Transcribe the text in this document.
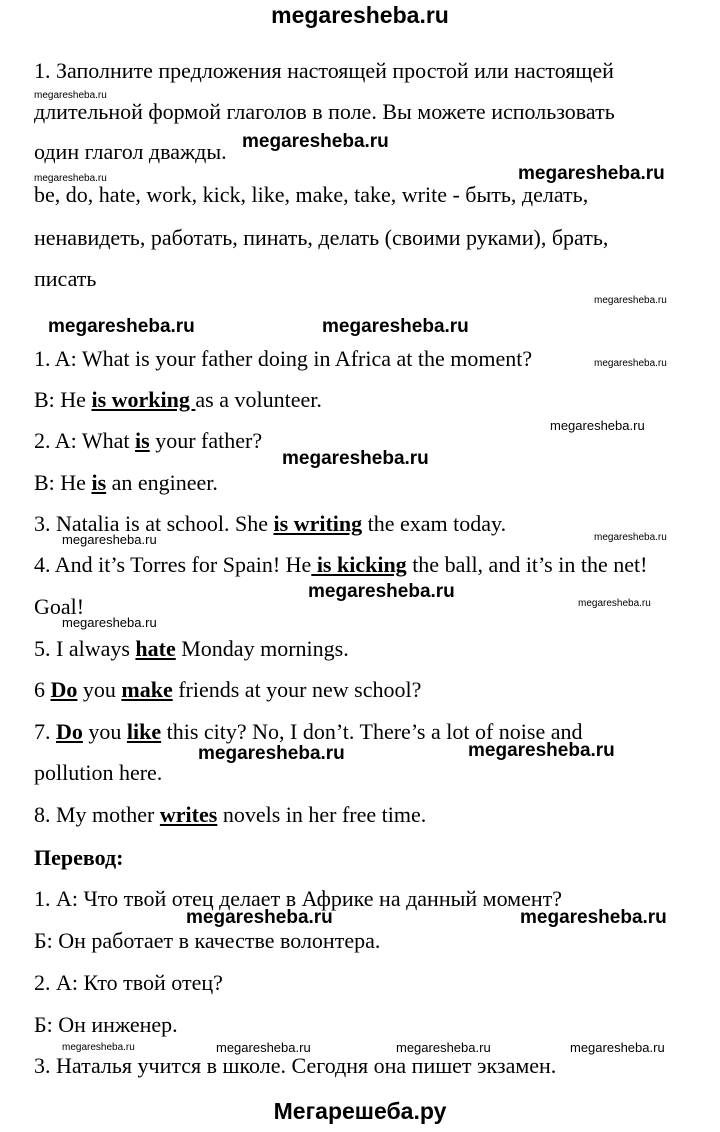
megaresheba.ru
1. Заполните предложения настоящей простой или настоящей
длительной формой глаголов в поле. Вы можете использовать
один глагол дважды.
be, do, hate, work, kick, like, make, take, write - быть, делать,
ненавидеть, работать, пинать, делать (своими руками), брать,
писать
1. A: What is your father doing in Africa at the moment?
B: He is working as a volunteer.
2. A: What is your father?
B: He is an engineer.
3. Natalia is at school. She is writing the exam today.
4. And it’s Torres for Spain! He is kicking the ball, and it’s in the net!
Goal!
5. I always hate Monday mornings.
6 Do you make friends at your new school?
7. Do you like this city? No, I don’t. There’s a lot of noise and
pollution here.
8. My mother writes novels in her free time.
Перевод:
1. А: Что твой отец делает в Африке на данный момент?
Б: Он работает в качестве волонтера.
2. А: Кто твой отец?
Б: Он инженер.
3. Наталья учится в школе. Сегодня она пишет экзамен.
megaresheba.ru
megaresheba.ru
megaresheba.ru	megaresheba.ru
megaresheba.ru
megaresheba.ru	megaresheba.ru
megaresheba.ru
megaresheba.ru
megaresheba.ru
megaresheba.ru
megaresheba.ru
megaresheba.ru
megaresheba.ru
megaresheba.ru
megaresheba.ru	megaresheba.ru
megaresheba.ru	megaresheba.ru
megaresheba.ru	megaresheba.ru	megaresheba.ru	megaresheba.ru
Мегарешеба.ру
